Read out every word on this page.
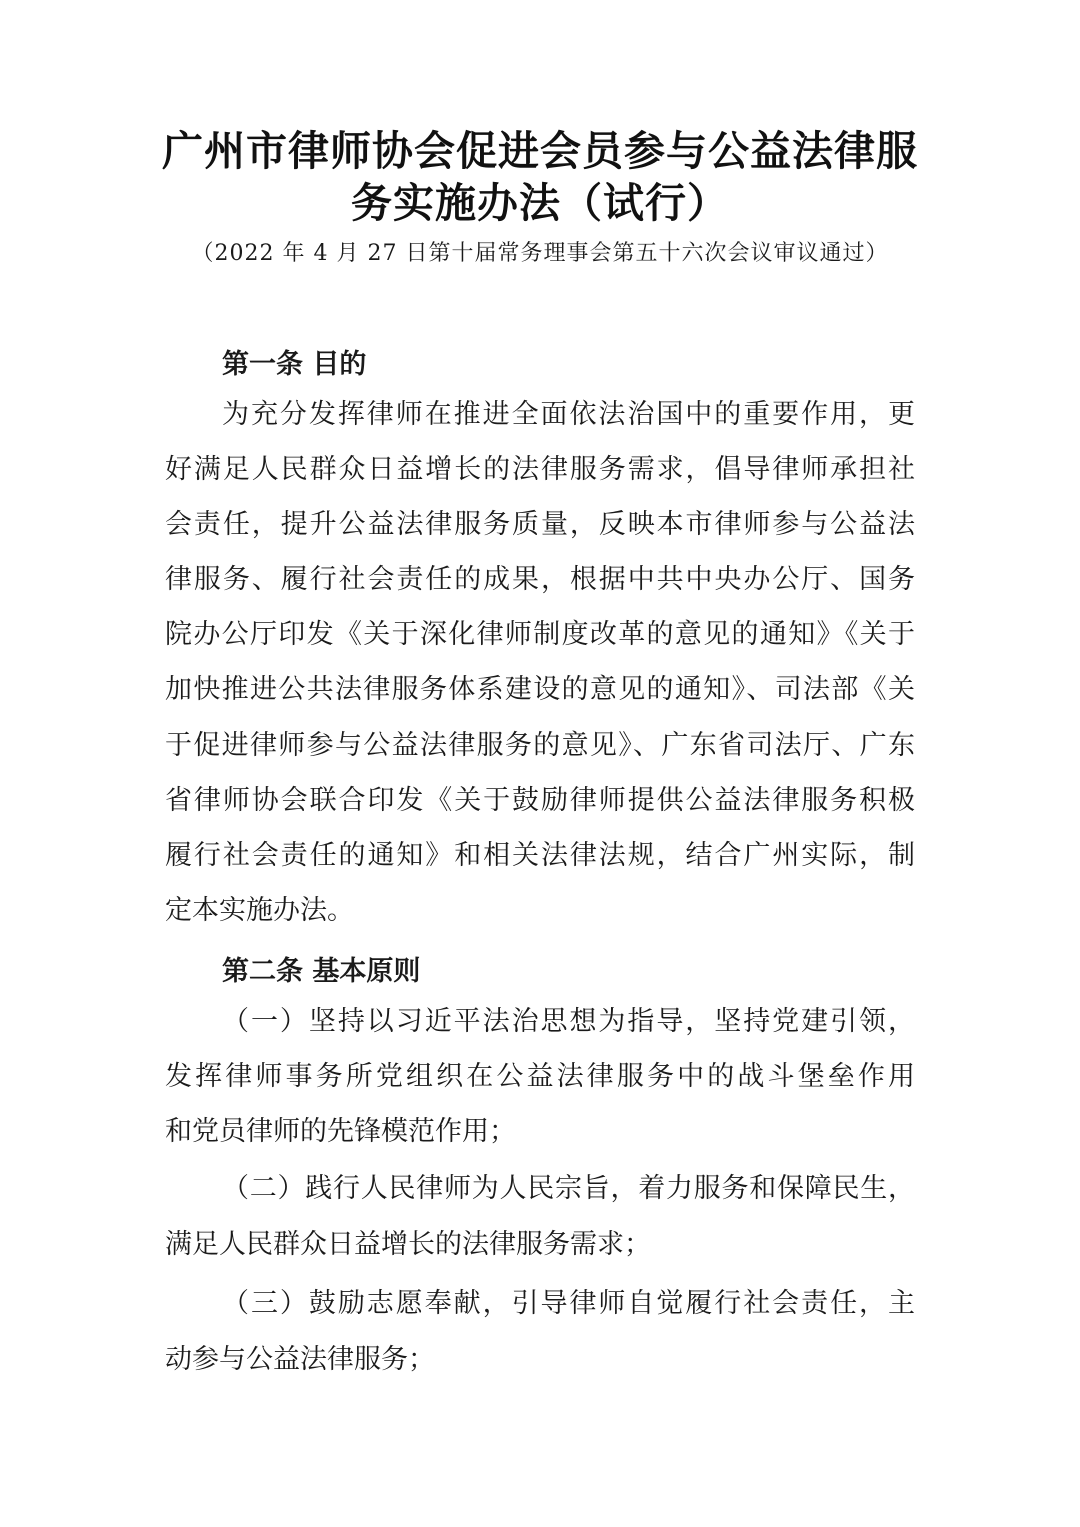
广州市律师协会促进会员参与公益法律服
务实施办法（试行）
（2022 年 4 月 27 日第十届常务理事会第五十六次会议审议通过）
第一条 目的
为充分发挥律师在推进全面依法治国中的重要作用，更
好满足人民群众日益增长的法律服务需求，倡导律师承担社
会责任，提升公益法律服务质量，反映本市律师参与公益法
律服务、履行社会责任的成果，根据中共中央办公厅、国务
院办公厅印发《关于深化律师制度改革的意见的通知》《关于
加快推进公共法律服务体系建设的意见的通知》、司法部《关
于促进律师参与公益法律服务的意见》、广东省司法厅、广东
省律师协会联合印发《关于鼓励律师提供公益法律服务积极
履行社会责任的通知》和相关法律法规，结合广州实际，制
定本实施办法。
第二条 基本原则
（一）坚持以习近平法治思想为指导，坚持党建引领，
发挥律师事务所党组织在公益法律服务中的战斗堡垒作用
和党员律师的先锋模范作用；
（二）践行人民律师为人民宗旨，着力服务和保障民生，
满足人民群众日益增长的法律服务需求；
（三）鼓励志愿奉献，引导律师自觉履行社会责任，主
动参与公益法律服务；
